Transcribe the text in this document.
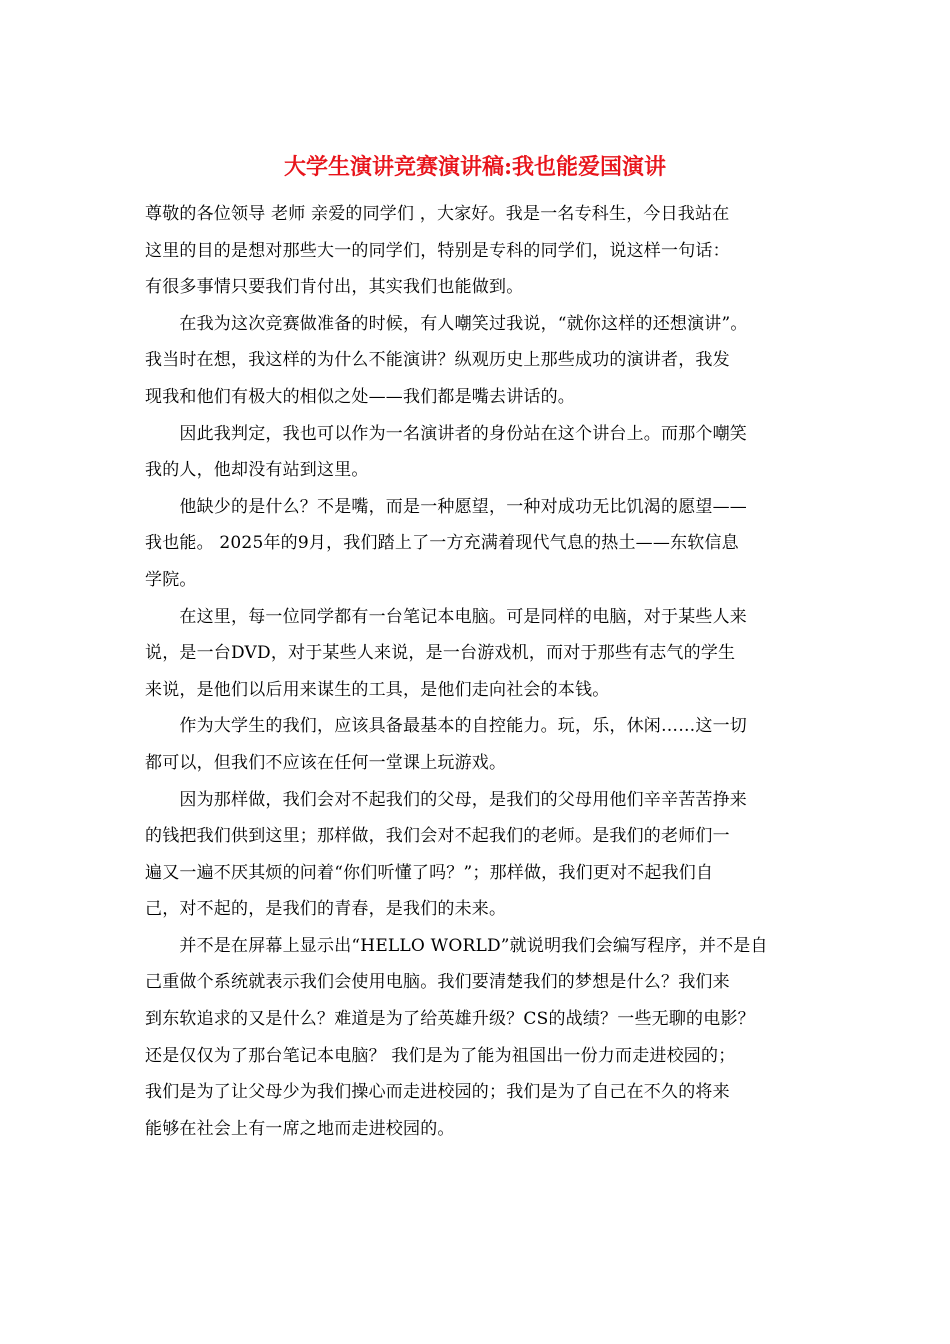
大学生演讲竞赛演讲稿:我也能爱国演讲
尊敬的各位领导 老师 亲爱的同学们 ，大家好。我是一名专科生，今日我站在
这里的目的是想对那些大一的同学们，特别是专科的同学们，说这样一句话：
有很多事情只要我们肯付出，其实我们也能做到。
　　在我为这次竞赛做准备的时候，有人嘲笑过我说，“就你这样的还想演讲”。
我当时在想，我这样的为什么不能演讲？纵观历史上那些成功的演讲者，我发
现我和他们有极大的相似之处——我们都是嘴去讲话的。
　　因此我判定，我也可以作为一名演讲者的身份站在这个讲台上。而那个嘲笑
我的人，他却没有站到这里。
　　他缺少的是什么？不是嘴，而是一种愿望，一种对成功无比饥渴的愿望——
我也能。 2025年的9月，我们踏上了一方充满着现代气息的热土——东软信息
学院。
　　在这里，每一位同学都有一台笔记本电脑。可是同样的电脑，对于某些人来
说，是一台DVD，对于某些人来说，是一台游戏机，而对于那些有志气的学生
来说，是他们以后用来谋生的工具，是他们走向社会的本钱。
　　作为大学生的我们，应该具备最基本的自控能力。玩，乐，休闲……这一切
都可以，但我们不应该在任何一堂课上玩游戏。
　　因为那样做，我们会对不起我们的父母，是我们的父母用他们辛辛苦苦挣来
的钱把我们供到这里；那样做，我们会对不起我们的老师。是我们的老师们一
遍又一遍不厌其烦的问着“你们听懂了吗？”；那样做，我们更对不起我们自
己，对不起的，是我们的青春，是我们的未来。
　　并不是在屏幕上显示出“HELLO WORLD”就说明我们会编写程序，并不是自
己重做个系统就表示我们会使用电脑。我们要清楚我们的梦想是什么？我们来
到东软追求的又是什么？难道是为了给英雄升级？CS的战绩？一些无聊的电影？
还是仅仅为了那台笔记本电脑？ 我们是为了能为祖国出一份力而走进校园的；
我们是为了让父母少为我们操心而走进校园的；我们是为了自己在不久的将来
能够在社会上有一席之地而走进校园的。
